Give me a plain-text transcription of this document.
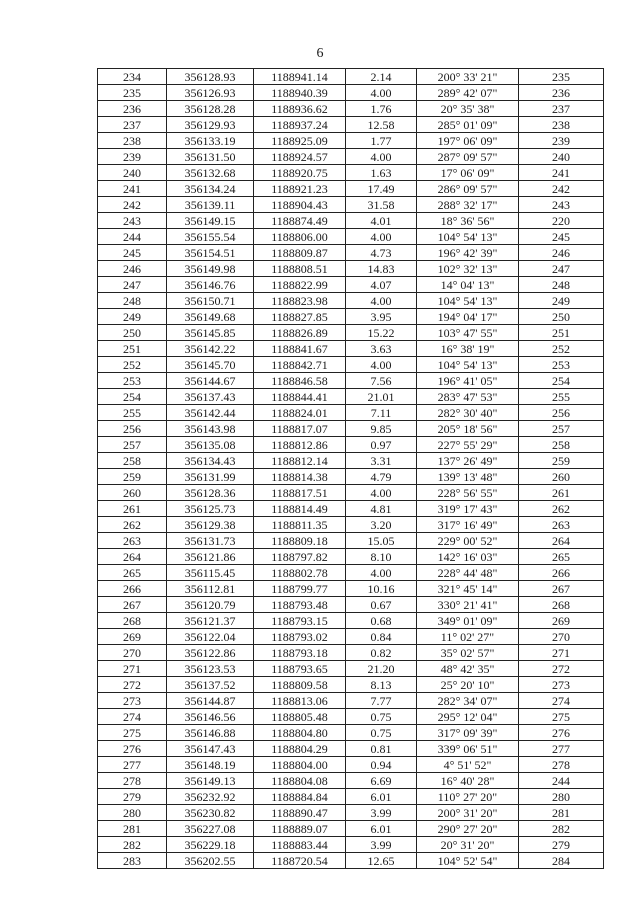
6
234	356128.93	1188941.14	2.14	200° 33' 21"	235
235	356126.93	1188940.39	4.00	289° 42' 07"	236
236	356128.28	1188936.62	1.76	20° 35' 38"	237
237	356129.93	1188937.24	12.58	285° 01' 09"	238
238	356133.19	1188925.09	1.77	197° 06' 09"	239
239	356131.50	1188924.57	4.00	287° 09' 57"	240
240	356132.68	1188920.75	1.63	17° 06' 09"	241
241	356134.24	1188921.23	17.49	286° 09' 57"	242
242	356139.11	1188904.43	31.58	288° 32' 17"	243
243	356149.15	1188874.49	4.01	18° 36' 56"	220
244	356155.54	1188806.00	4.00	104° 54' 13"	245
245	356154.51	1188809.87	4.73	196° 42' 39"	246
246	356149.98	1188808.51	14.83	102° 32' 13"	247
247	356146.76	1188822.99	4.07	14° 04' 13"	248
248	356150.71	1188823.98	4.00	104° 54' 13"	249
249	356149.68	1188827.85	3.95	194° 04' 17"	250
250	356145.85	1188826.89	15.22	103° 47' 55"	251
251	356142.22	1188841.67	3.63	16° 38' 19"	252
252	356145.70	1188842.71	4.00	104° 54' 13"	253
253	356144.67	1188846.58	7.56	196° 41' 05"	254
254	356137.43	1188844.41	21.01	283° 47' 53"	255
255	356142.44	1188824.01	7.11	282° 30' 40"	256
256	356143.98	1188817.07	9.85	205° 18' 56"	257
257	356135.08	1188812.86	0.97	227° 55' 29"	258
258	356134.43	1188812.14	3.31	137° 26' 49"	259
259	356131.99	1188814.38	4.79	139° 13' 48"	260
260	356128.36	1188817.51	4.00	228° 56' 55"	261
261	356125.73	1188814.49	4.81	319° 17' 43"	262
262	356129.38	1188811.35	3.20	317° 16' 49"	263
263	356131.73	1188809.18	15.05	229° 00' 52"	264
264	356121.86	1188797.82	8.10	142° 16' 03"	265
265	356115.45	1188802.78	4.00	228° 44' 48"	266
266	356112.81	1188799.77	10.16	321° 45' 14"	267
267	356120.79	1188793.48	0.67	330° 21' 41"	268
268	356121.37	1188793.15	0.68	349° 01' 09"	269
269	356122.04	1188793.02	0.84	11° 02' 27"	270
270	356122.86	1188793.18	0.82	35° 02' 57"	271
271	356123.53	1188793.65	21.20	48° 42' 35"	272
272	356137.52	1188809.58	8.13	25° 20' 10"	273
273	356144.87	1188813.06	7.77	282° 34' 07"	274
274	356146.56	1188805.48	0.75	295° 12' 04"	275
275	356146.88	1188804.80	0.75	317° 09' 39"	276
276	356147.43	1188804.29	0.81	339° 06' 51"	277
277	356148.19	1188804.00	0.94	4° 51' 52"	278
278	356149.13	1188804.08	6.69	16° 40' 28"	244
279	356232.92	1188884.84	6.01	110° 27' 20"	280
280	356230.82	1188890.47	3.99	200° 31' 20"	281
281	356227.08	1188889.07	6.01	290° 27' 20"	282
282	356229.18	1188883.44	3.99	20° 31' 20"	279
283	356202.55	1188720.54	12.65	104° 52' 54"	284
